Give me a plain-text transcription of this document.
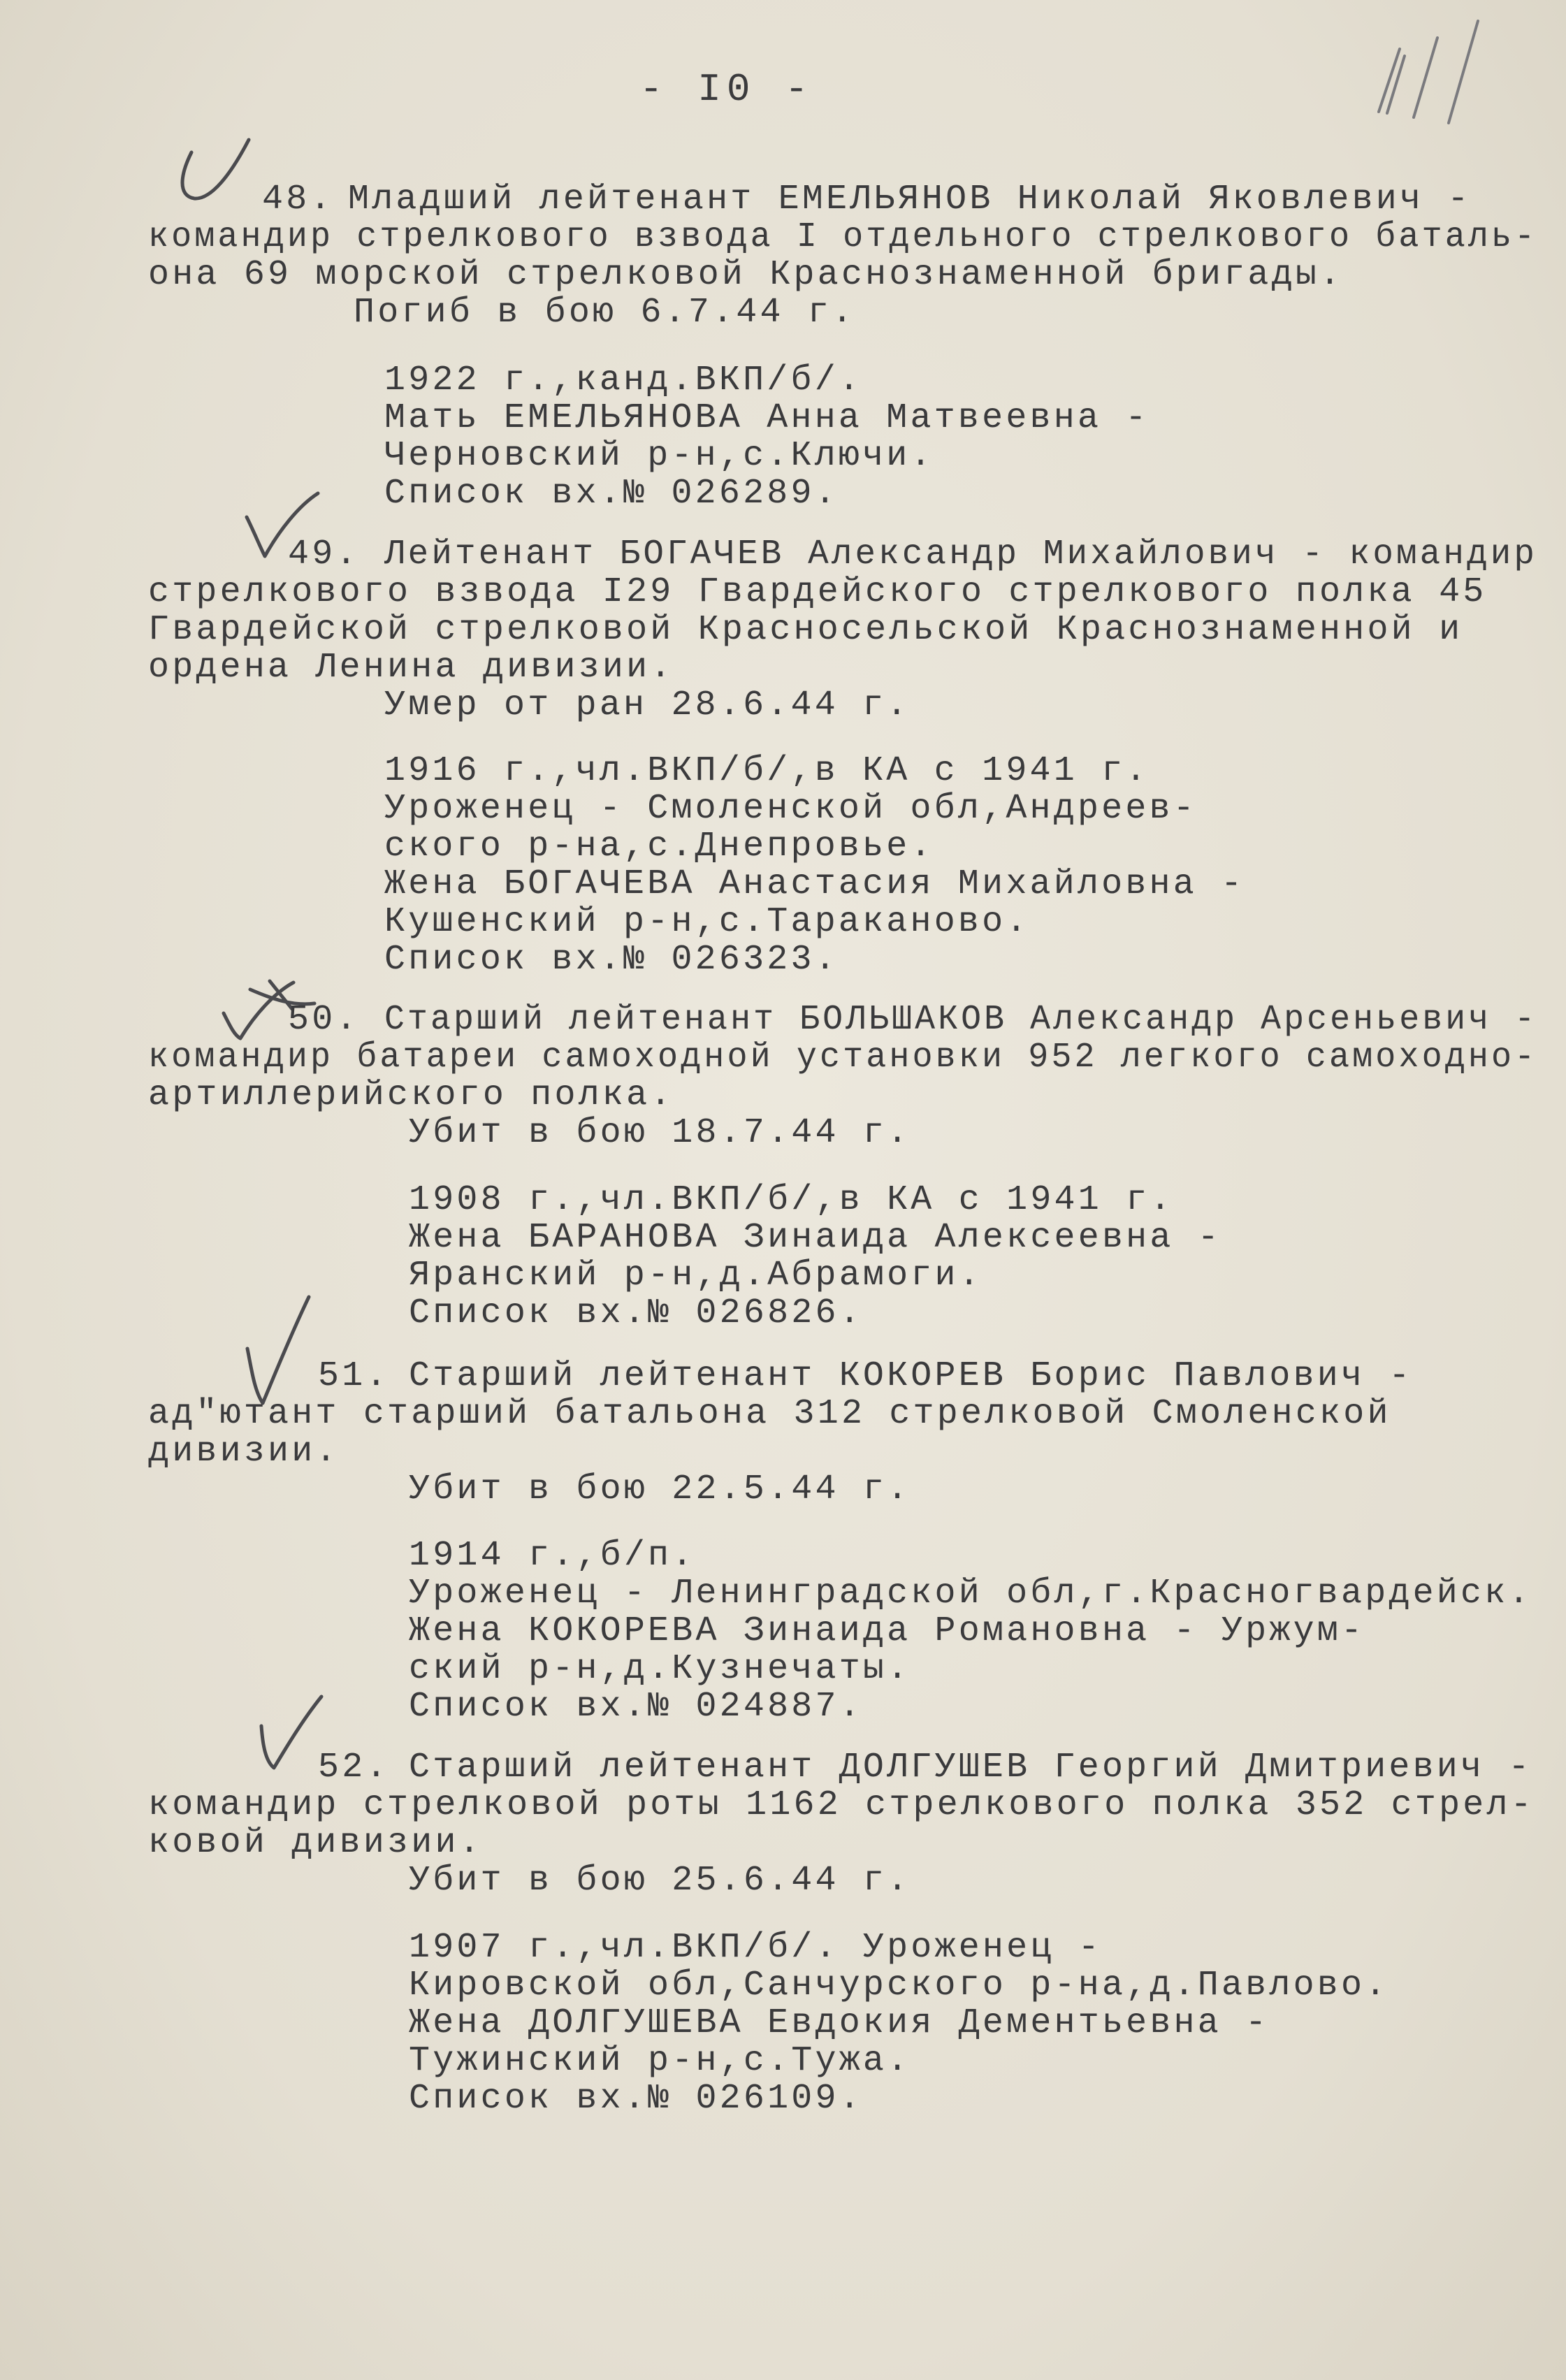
- I0 -
48. Младший лейтенант ЕМЕЛЬЯНОВ Николай Яковлевич -
командир стрелкового взвода I отдельного стрелкового баталь-
она 69 морской стрелковой Краснознаменной бригады.
Погиб в бою 6.7.44 г.
1922 г.,канд.ВКП/б/.
Мать ЕМЕЛЬЯНОВА Анна Матвеевна -
Черновский р-н,с.Ключи.
Список вх.№ 026289.
49. Лейтенант БОГАЧЕВ Александр Михайлович - командир
стрелкового взвода I29 Гвардейского стрелкового полка 45
Гвардейской стрелковой Красносельской Краснознаменной и
ордена Ленина дивизии.
Умер от ран 28.6.44 г.
1916 г.,чл.ВКП/б/,в КА с 1941 г.
Уроженец - Смоленской обл,Андреев-
ского р-на,с.Днепровье.
Жена БОГАЧЕВА Анастасия Михайловна -
Кушенский р-н,с.Тараканово.
Список вх.№ 026323.
50. Старший лейтенант БОЛЬШАКОВ Александр Арсеньевич -
командир батареи самоходной установки 952 легкого самоходно-
артиллерийского полка.
Убит в бою 18.7.44 г.
1908 г.,чл.ВКП/б/,в КА с 1941 г.
Жена БАРАНОВА Зинаида Алексеевна -
Яранский р-н,д.Абрамоги.
Список вх.№ 026826.
51. Старший лейтенант КОКОРЕВ Борис Павлович -
ад"ютант старший батальона 312 стрелковой Смоленской
дивизии.
Убит в бою 22.5.44 г.
1914 г.,б/п.
Уроженец - Ленинградской обл,г.Красногвардейск.
Жена КОКОРЕВА Зинаида Романовна - Уржум-
ский р-н,д.Кузнечаты.
Список вх.№ 024887.
52. Старший лейтенант ДОЛГУШЕВ Георгий Дмитриевич -
командир стрелковой роты 1162 стрелкового полка 352 стрел-
ковой дивизии.
Убит в бою 25.6.44 г.
1907 г.,чл.ВКП/б/. Уроженец -
Кировской обл,Санчурского р-на,д.Павлово.
Жена ДОЛГУШЕВА Евдокия Дементьевна -
Тужинский р-н,с.Тужа.
Список вх.№ 026109.
